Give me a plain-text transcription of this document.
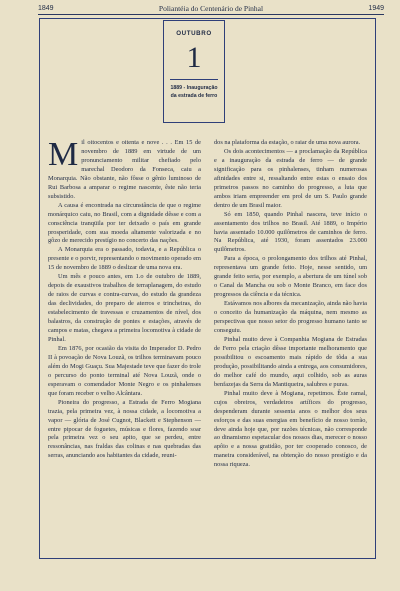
1849	Poliantéia do Centenário de Pinhal	1949
OUTUBRO
1
1889 - Inauguração
da estrada de ferro

Mil oitocentos e oitenta e nove . . . Em 15 de novembro de 1889 em virtude de um pronunciamento militar chefiado pelo marechal Deodoro da Fonseca, caiu a Monarquia. Não obstante, não fôsse o gênio luminoso de Rui Barbosa a amparar o regime nascente, êste não teria subsistido.

A causa é encontrada na circunstância de que o regime monárquico caiu, no Brasil, com a dignidade dêsse e com a consciência tranqüila por ter deixado o país em grande prosperidade, com sua moeda altamente valorizada e no gôzo de merecido prestígio no concerto das nações.

A Monarquia era o passado, todavia, e a República o presente e o porvir, representando o movimento operado em 15 de novembro de 1889 o deslizar de uma nova era.

Um mês e pouco antes, em 1.o de outubro de 1889, depois de exaustivos trabalhos de terraplanagem, do estudo de raios de curvas e contra-curvas, do estudo da grandeza das declividades, do preparo de aterros e trincheiras, do estabelecimento de travessas e cruzamentos de nível, dos balastros, da construção de pontes e estações, através de campos e matas, chegava a primeira locomotiva à cidade de Pinhal.

Em 1876, por ocasião da visita do Imperador D. Pedro II à povoação de Nova Louzã, os trilhos terminavam pouco além do Mogi Guaçu. Sua Majestade teve que fazer do trole o percurso do ponto terminal até Nova Louzã, onde o esperavam o comendador Monte Negro e os pinhalenses que foram receber o velho Alcântara.

Pioneira do progresso, a Estrada de Ferro Mogiana trazia, pela primeira vez, à nossa cidade, a locomotiva a vapor — glória de José Cugnot, Blackett e Stephenson — entre pipocar de foguetes, músicas e flores, fazendo soar pela primeira vez o seu apito, que se perdeu, entre ressonâncias, nas fraldas das colinas e nas quebradas das serras, anunciando aos habitantes da cidade, reuni-

dos na plataforma da estação, o raiar de uma nova aurora.

Os dois acontecimentos — a proclamação da República e a inauguração da estrada de ferro — de grande significação para os pinhalenses, tinham numerosas afinidades entre si, ressaltando entre estas o ensaio dos primeiros passos no caminho do progresso, a luta que ambos iriam empreender em prol de um S. Paulo grande dentro de um Brasil maior.

Só em 1850, quando Pinhal nascera, teve início o assentamento dos trilhos no Brasil. Até 1889, o Império havia assentado 10.000 quilômetros de caminhos de ferro. Na República, até 1930, foram assentados 23.000 quilômetros.

Para a época, o prolongamento dos trilhos até Pinhal, representava um grande feito. Hoje, nesse sentido, um grande feito seria, por exemplo, a abertura de um túnel sob o Canal da Mancha ou sob o Monte Branco, em face dos progressos da ciência e da técnica.

Estávamos nos albores da mecanização, ainda não havia o conceito da humanização da máquina, nem mesmo as perspectivas que nosso setor do progresso humano tanto se conseguiu.

Pinhal muito deve à Companhia Mogiana de Estradas de Ferro pela criação dêsse importante melhoramento que possibilitou o escoamento mais rápido de tôda a sua produção, possibilitando ainda a entrega, aos consumidores, do melhor café do mundo, aqui colhido, sob as auras benfazejas da Serra da Mantiqueira, salubres e puras.

Pinhal muito deve à Mogiana, repetimos. Êste ramal, cujos obreiros, verdadeiros artífices do progresso, despenderam durante sessenta anos o melhor dos seus esforços e das suas energias em benefício de nosso torrão, deve ainda hoje que, por razões técnicas, não corresponde ao dinamismo espetacular dos nossos dias, merecer o nosso apôio e a nossa gratidão, por ter cooperado conosco, de maneira considerável, na obtenção do nosso prestígio e da nossa riqueza.
